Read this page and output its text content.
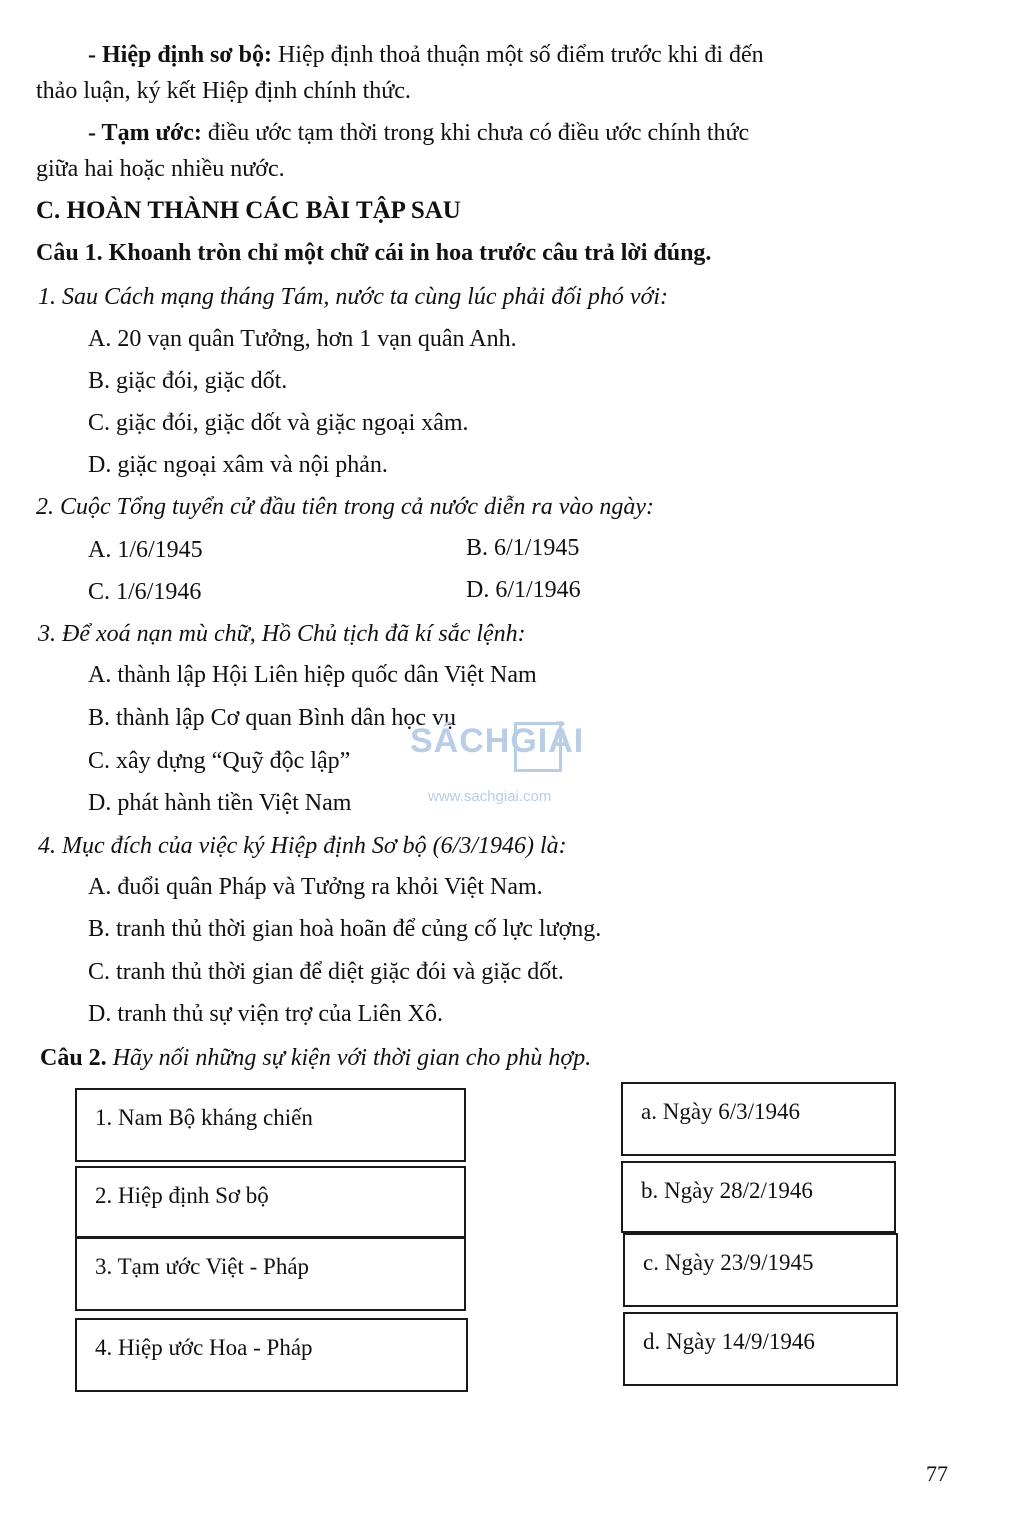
- Hiệp định sơ bộ: Hiệp định thoả thuận một số điểm trước khi đi đến
thảo luận, ký kết Hiệp định chính thức.
- Tạm ước: điều ước tạm thời trong khi chưa có điều ước chính thức
giữa hai hoặc nhiều nước.
C. HOÀN THÀNH CÁC BÀI TẬP SAU
Câu 1. Khoanh tròn chỉ một chữ cái in hoa trước câu trả lời đúng.
1. Sau Cách mạng tháng Tám, nước ta cùng lúc phải đối phó với:
A. 20 vạn quân Tưởng, hơn 1 vạn quân Anh.
B. giặc đói, giặc dốt.
C. giặc đói, giặc dốt và giặc ngoại xâm.
D. giặc ngoại xâm và nội phản.
2. Cuộc Tổng tuyển cử đầu tiên trong cả nước diễn ra vào ngày:
A. 1/6/1945	B. 6/1/1945
C. 1/6/1946	D. 6/1/1946
3. Để xoá nạn mù chữ, Hồ Chủ tịch đã kí sắc lệnh:
A. thành lập Hội Liên hiệp quốc dân Việt Nam
B. thành lập Cơ quan Bình dân học vụ
C. xây dựng “Quỹ độc lập”
D. phát hành tiền Việt Nam
4. Mục đích của việc ký Hiệp định Sơ bộ (6/3/1946) là:
A. đuổi quân Pháp và Tưởng ra khỏi Việt Nam.
B. tranh thủ thời gian hoà hoãn để củng cố lực lượng.
C. tranh thủ thời gian để diệt giặc đói và giặc dốt.
D. tranh thủ sự viện trợ của Liên Xô.
Câu 2. Hãy nối những sự kiện với thời gian cho phù hợp.
1. Nam Bộ kháng chiến
2. Hiệp định Sơ bộ
3. Tạm ước Việt - Pháp
4. Hiệp ước Hoa - Pháp
a. Ngày 6/3/1946
b. Ngày 28/2/1946
c. Ngày 23/9/1945
d. Ngày 14/9/1946
SÁCHGIẢI
www.sachgiai.com
77
